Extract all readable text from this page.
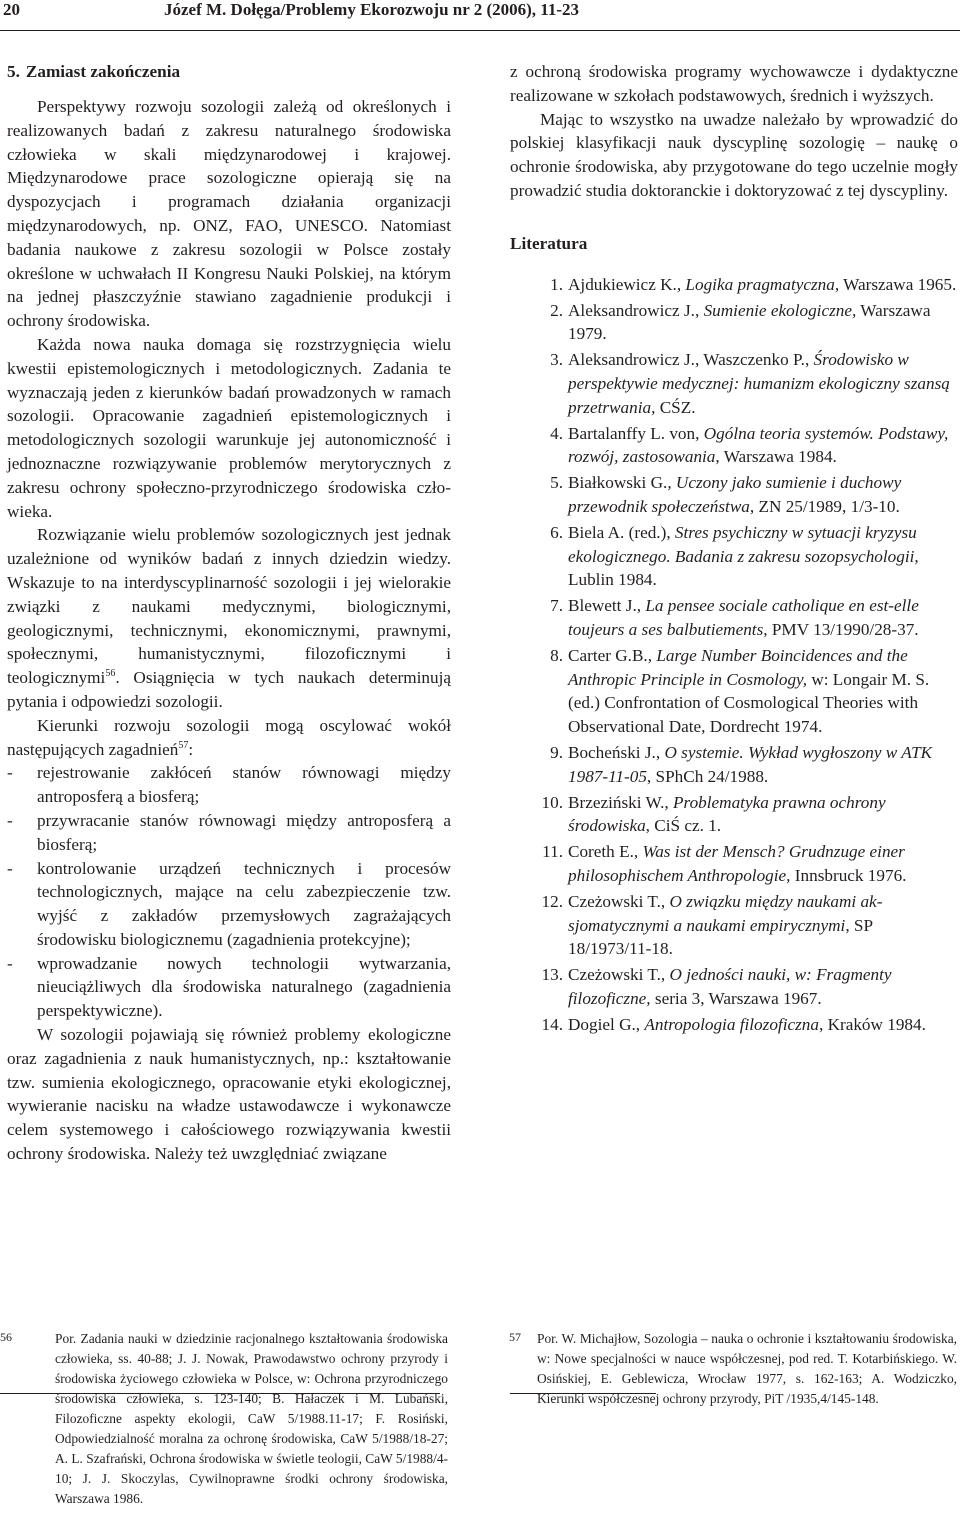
20	Józef M. Dołęga/Problemy Ekorozwoju nr 2 (2006), 11-23
5. Zamiast zakończenia

Perspektywy rozwoju sozologii zależą od określonych i realizowanych badań z zakresu naturalnego środowiska człowieka w skali międzynarodowej i krajowej. Międzynarodowe prace sozologiczne opierają się na dyspozycjach i programach działania organizacji międzynarodowych, np. ONZ, FAO, UNESCO. Natomiast badania naukowe z zakresu sozologii w Polsce zostały określone w uchwałach II Kongresu Nauki Polskiej, na którym na jednej płaszczyźnie stawiano zagadnienie produkcji i ochrony środowiska.

Każda nowa nauka domaga się rozstrzygnięcia wielu kwestii epistemologicznych i metodologicznych. Zadania te wyznaczają jeden z kierunków badań prowadzonych w ramach sozologii. Opracowanie zagadnień epistemologicznych i metodologicznych sozologii warunkuje jej autonomiczność i jednoznaczne rozwiązywanie problemów merytorycznych z zakresu ochrony społeczno-przyrodniczego środowiska człowieka.

Rozwiązanie wielu problemów sozologicznych jest jednak uzależnione od wyników badań z innych dziedzin wiedzy. Wskazuje to na interdyscyplinarność sozologii i jej wielorakie związki z naukami medycznymi, biologicznymi, geologicznymi, technicznymi, ekonomicznymi, prawnymi, społecznymi, humanistycznymi, filozoficznymi i teologicznymi$^{56}$. Osiągnięcia w tych naukach determinują pytania i odpowiedzi sozologii.

Kierunki rozwoju sozologii mogą oscylować wokół następujących zagadnień$^{57}$:

- rejestrowanie zakłóceń stanów równowagi między antroposferą a biosferą;
- przywracanie stanów równowagi między antroposferą a biosferą;
- kontrolowanie urządzeń technicznych i procesów technologicznych, mające na celu zabezpieczenie tzw. wyjść z zakładów przemysłowych zagrażających środowisku biologicznemu (zagadnienia protekcyjne);
- wprowadzanie nowych technologii wytwarzania, nieuciążliwych dla środowiska naturalnego (zagadnienia perspektywiczne).

W sozologii pojawiają się również problemy ekologiczne oraz zagadnienia z nauk humanistycznych, np.: kształtowanie tzw. sumienia ekologicznego, opracowanie etyki ekologicznej, wywieranie nacisku na władze ustawodawcze i wykonawcze celem systemowego i całościowego rozwiązywania kwestii ochrony środowiska. Należy też uwzględniać związane

z ochroną środowiska programy wychowawcze i dydaktyczne realizowane w szkołach podstawowych, średnich i wyższych.

Mając to wszystko na uwadze należało by wprowadzić do polskiej klasyfikacji nauk dyscyplinę sozologię – naukę o ochronie środowiska, aby przygotowane do tego uczelnie mogły prowadzić studia doktoranckie i doktoryzować z tej dyscypliny.

Literatura
1. Ajdukiewicz K., Logika pragmatyczna, Warszawa 1965.
2. Aleksandrowicz J., Sumienie ekologiczne, Warszawa 1979.
3. Aleksandrowicz J., Waszczenko P., Środowisko w perspektywie medycznej: humanizm ekologiczny szansą przetrwania, CŚZ.
4. Bartalanffy L. von, Ogólna teoria systemów. Podstawy, rozwój, zastosowania, Warszawa 1984.
5. Białkowski G., Uczony jako sumienie i duchowy przewodnik społeczeństwa, ZN 25/1989, 1/3-10.
6. Biela A. (red.), Stres psychiczny w sytuacji kryzysu ekologicznego. Badania z zakresu sozopsychologii, Lublin 1984.
7. Blewett J., La pensee sociale catholique en est-elle toujeurs a ses balbutiements, PMV 13/1990/28-37.
8. Carter G.B., Large Number Boincidences and the Anthropic Principle in Cosmology, w: Longair M. S. (ed.) Confrontation of Cosmological Theories with Observational Date, Dordrecht 1974.
9. Bocheński J., O systemie. Wykład wygłoszony w ATK 1987-11-05, SPhCh 24/1988.
10. Brzeziński W., Problematyka prawna ochrony środowiska, CiŚ cz. 1.
11. Coreth E., Was ist der Mensch? Grudnzuge einer philosophischem Anthropologie, Innsbruck 1976.
12. Czeżowski T., O związku między naukami aksjomatycznymi a naukami empirycznymi, SP 18/1973/11-18.
13. Czeżowski T., O jedności nauki, w: Fragmenty filozoficzne, seria 3, Warszawa 1967.
14. Dogiel G., Antropologia filozoficzna, Kraków 1984.
56	Por. Zadania nauki w dziedzinie racjonalnego kształtowania środowiska człowieka, ss. 40-88; J. J. Nowak, Prawodawstwo ochrony przyrody i środowiska życiowego człowieka w Polsce, w: Ochrona przyrodniczego środowiska człowieka, s. 123-140; B. Hałaczek i M. Lubański, Filozoficzne aspekty ekologii, CaW 5/1988.11-17; F. Rosiński, Odpowiedzialność moralna za ochronę środowiska, CaW 5/1988/18-27; A. L. Szafrański, Ochrona środowiska w świetle teologii, CaW 5/1988/4-10; J. J. Skoczylas, Cywilnoprawne środki ochrony środowiska, Warszawa 1986.
57 Por. W. Michajłow, Sozologia – nauka o ochronie i kształtowaniu środowiska, w: Nowe specjalności w nauce współczesnej, pod red. T. Kotarbińskiego. W. Osińskiej, E. Geblewicza, Wrocław 1977, s. 162-163; A. Wodziczko, Kierunki współczesnej ochrony przyrody, PiT /1935,4/145-148.
